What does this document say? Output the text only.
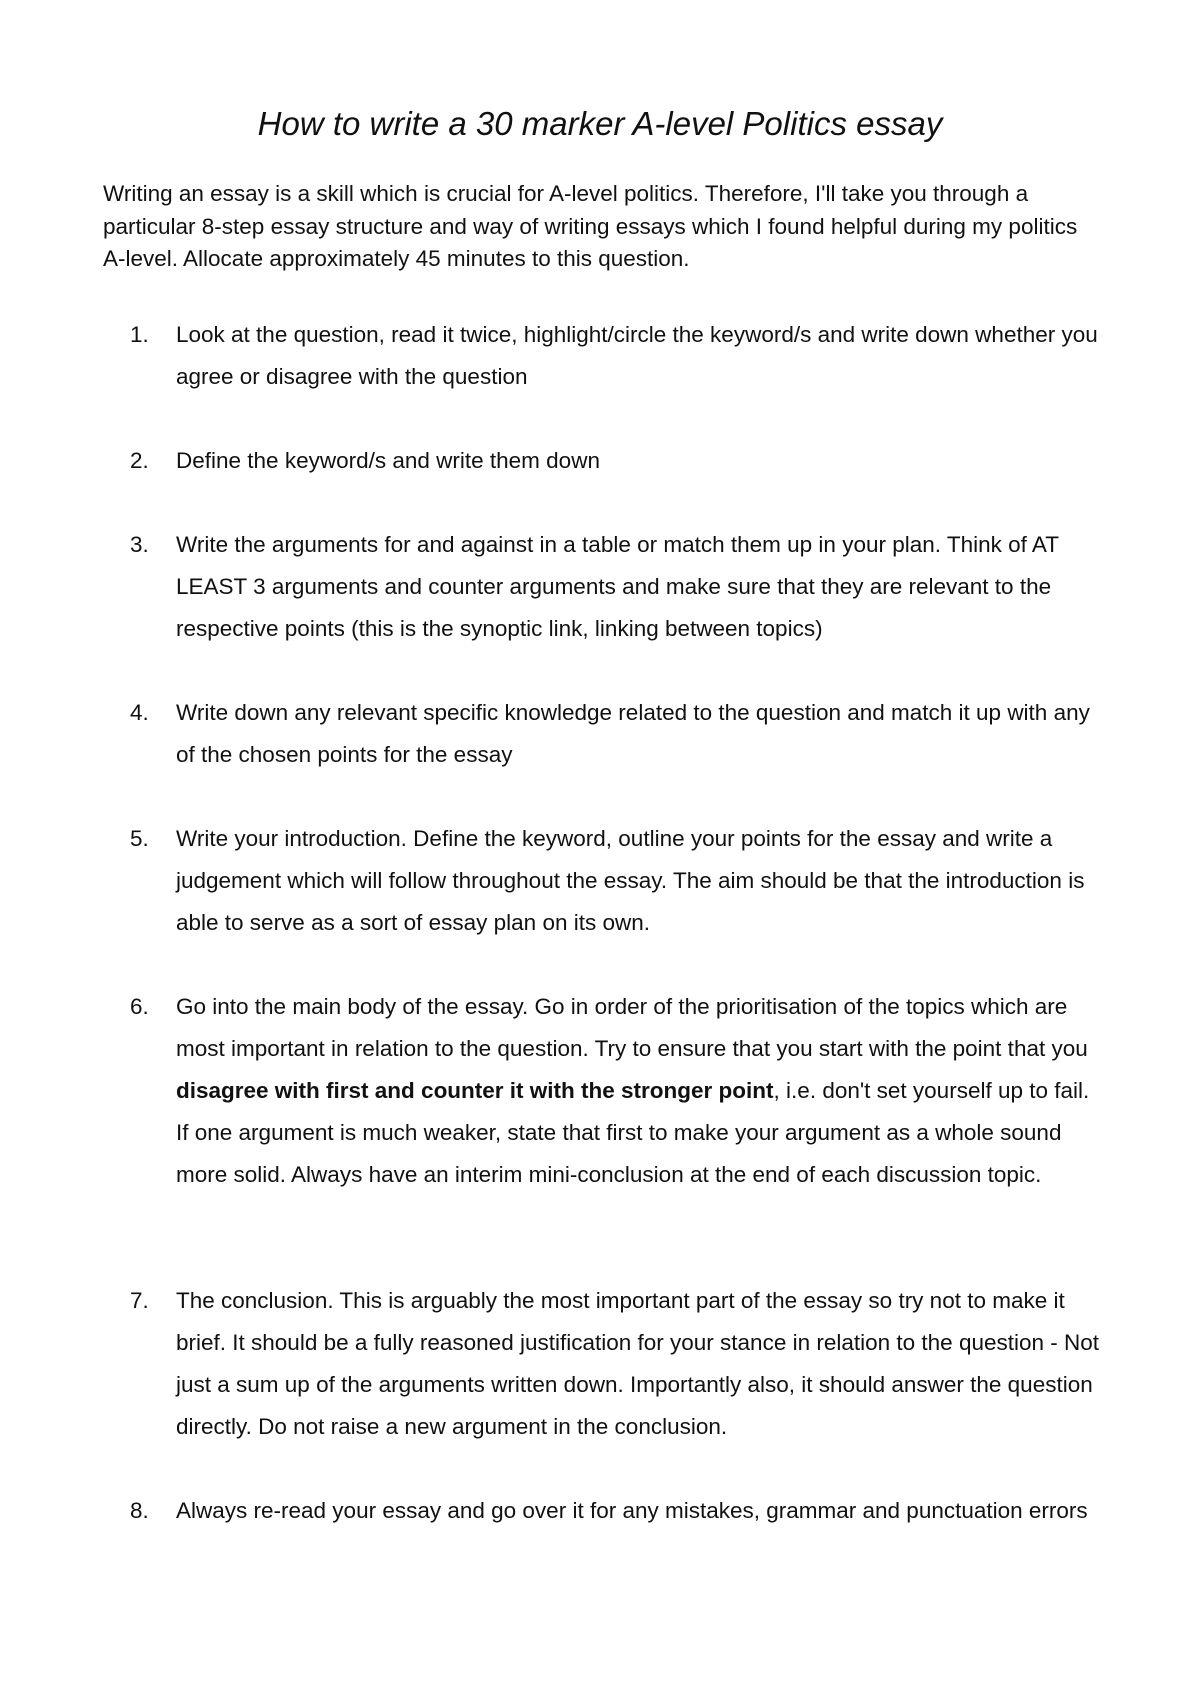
How to write a 30 marker A-level Politics essay

Writing an essay is a skill which is crucial for A-level politics. Therefore, I'll take you through a particular 8-step essay structure and way of writing essays which I found helpful during my politics A-level. Allocate approximately 45 minutes to this question.

1.	Look at the question, read it twice, highlight/circle the keyword/s and write down whether you agree or disagree with the question

2.	Define the keyword/s and write them down

3.	Write the arguments for and against in a table or match them up in your plan. Think of AT LEAST 3 arguments and counter arguments and make sure that they are relevant to the respective points (this is the synoptic link, linking between topics)

4.	Write down any relevant specific knowledge related to the question and match it up with any of the chosen points for the essay

5.	Write your introduction. Define the keyword, outline your points for the essay and write a judgement which will follow throughout the essay. The aim should be that the introduction is able to serve as a sort of essay plan on its own.

6.	Go into the main body of the essay. Go in order of the prioritisation of the topics which are most important in relation to the question. Try to ensure that you start with the point that you disagree with first and counter it with the stronger point, i.e. don't set yourself up to fail. If one argument is much weaker, state that first to make your argument as a whole sound more solid. Always have an interim mini-conclusion at the end of each discussion topic.

7.	The conclusion. This is arguably the most important part of the essay so try not to make it brief. It should be a fully reasoned justification for your stance in relation to the question - Not just a sum up of the arguments written down. Importantly also, it should answer the question directly. Do not raise a new argument in the conclusion.

8.	Always re-read your essay and go over it for any mistakes, grammar and punctuation errors
